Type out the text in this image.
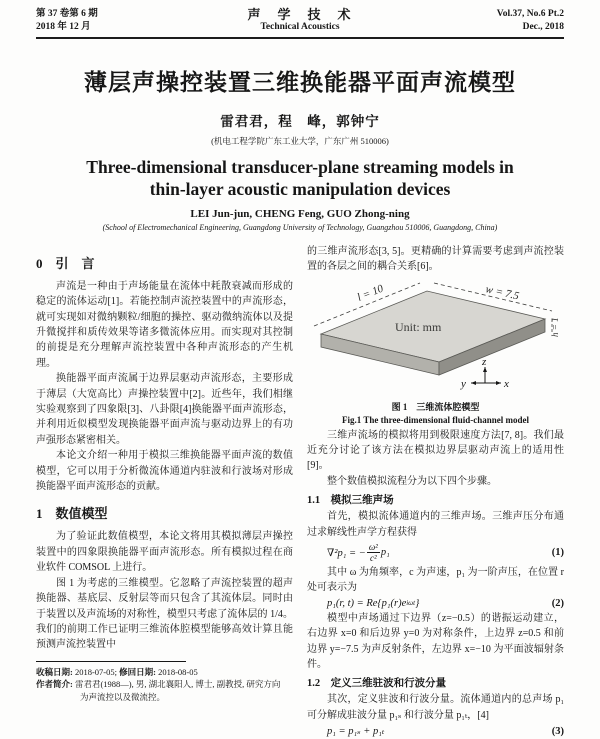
第 37 卷第 6 期
2018 年 12 月
声　学　技　术
Technical Acoustics
Vol.37, No.6 Pt.2
Dec., 2018
薄层声操控装置三维换能器平面声流模型
雷君君，程　峰，郭钟宁
(机电工程学院广东工业大学，广东广州 510006)
Three-dimensional transducer-plane streaming models in
thin-layer acoustic manipulation devices
LEI Jun-jun, CHENG Feng, GUO Zhong-ning
(School of Electromechanical Engineering, Guangdong University of Technology, Guangzhou 510006, Guangdong, China)
0　引　言

声流是一种由于声场能量在流体中耗散衰减而形成的稳定的流体运动[1]。若能控制声流控装置中的声流形态，就可实现如对微纳颗粒/细胞的操控、驱动微纳流体以及提升微搅拌和质传效果等诸多微流体应用。而实现对其控制的前提是充分理解声流控装置中各种声流形态的产生机理。

换能器平面声流属于边界层驱动声流形态，主要形成于薄层（大宽高比）声操控装置中[2]。近些年，我们相继实验观察到了四象限[3]、八卦限[4]换能器平面声流形态，并利用近似模型发现换能器平面声流与驱动边界上的有功声强形态紧密相关。

本论文介绍一种用于模拟三维换能器平面声流的数值模型，它可以用于分析微流体通道内驻波和行波场对形成换能器平面声流形态的贡献。

1　数值模型

为了验证此数值模型，本论文将用其模拟薄层声操控装置中的四象限换能器平面声流形态。所有模拟过程在商业软件 COMSOL 上进行。

图 1 为考虑的三维模型。它忽略了声流控装置的超声换能器、基底层、反射层等而只包含了其流体层。同时由于装置以及声流场的对称性，模型只考虑了流体层的 1/4。我们的前期工作已证明三维流体腔模型能够高效计算且能预测声流控装置中

收稿日期: 2018-07-05; 修回日期: 2018-08-05
作者简介: 雷君君(1988—), 男, 湖北襄阳人, 博士, 副教授, 研究方向
为声流控以及微流控。

的三维声流形态[3, 5]。更精确的计算需要考虑到声流控装置的各层之间的耦合关系[6]。

l = 10	w = 7.5
h = 1
Unit: mm
y
z
x
图 1　三维流体腔模型
Fig.1 The three-dimensional fluid-channel model

三维声流场的模拟将用到极限速度方法[7, 8]。我们最近充分讨论了该方法在模拟边界层驱动声流上的适用性[9]。

整个数值模拟流程分为以下四个步骤。

1.1　模拟三维声场

首先，模拟流体通道内的三维声场。三维声压分布通过求解线性声学方程获得

∇²p₁ = − $\frac{\text{ω²}}{\text{c²}} p_1$	(1)

其中 ω 为角频率，c 为声速，p₁ 为一阶声压，在位置 r 处可表示为

p₁(r, t) = Re{p₁(r)e iωt }	(2)

模型中声场通过下边界（z=−0.5）的谐振运动建立，右边界 x=0 和后边界 y=0 为对称条件，上边界 z=0.5 和前边界 y=−7.5 为声反射条件，左边界 x=−10 为平面波辐射条件。

1.2　定义三维驻波和行波分量

其次，定义驻波和行波分量。流体通道内的总声场 p₁ 可分解成驻波分量 p₁ₛ 和行波分量 p₁ₜ，[4]

p₁ = p₁ₛ + p₁ₜ	(3)
